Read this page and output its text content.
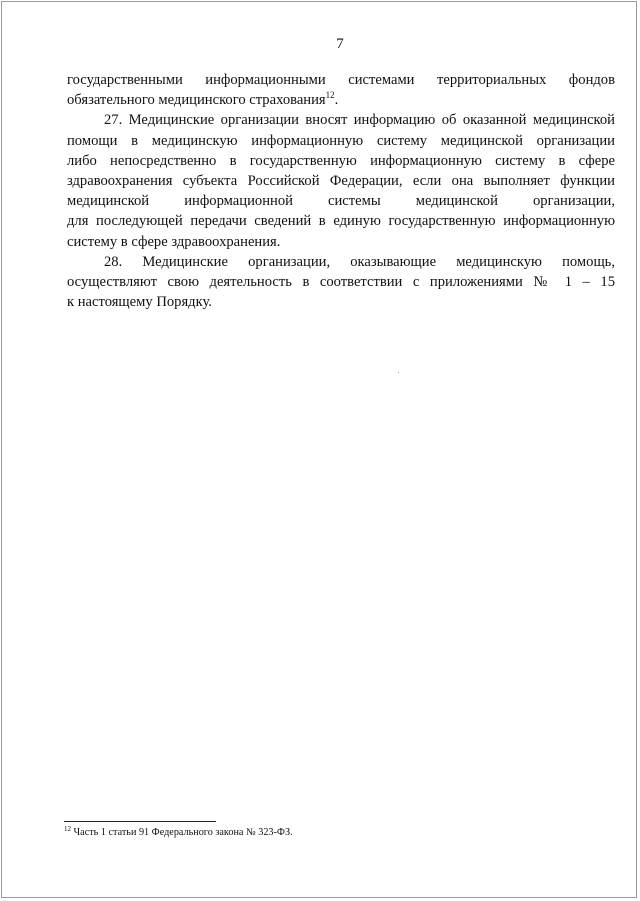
7

государственными информационными системами территориальных фондов
обязательного медицинского страхования$^{12}$.

27. Медицинские организации вносят информацию об оказанной медицинской
помощи в медицинскую информационную систему медицинской организации
либо непосредственно в государственную информационную систему в сфере
здравоохранения субъекта Российской Федерации, если она выполняет функции
медицинской информационной системы медицинской организации,
для последующей передачи сведений в единую государственную информационную
систему в сфере здравоохранения.

28. Медицинские организации, оказывающие медицинскую помощь,
осуществляют свою деятельность в соответствии с приложениями № 1 – 15
к настоящему Порядку.

$^{12}$ Часть 1 статьи 91 Федерального закона № 323-ФЗ.
